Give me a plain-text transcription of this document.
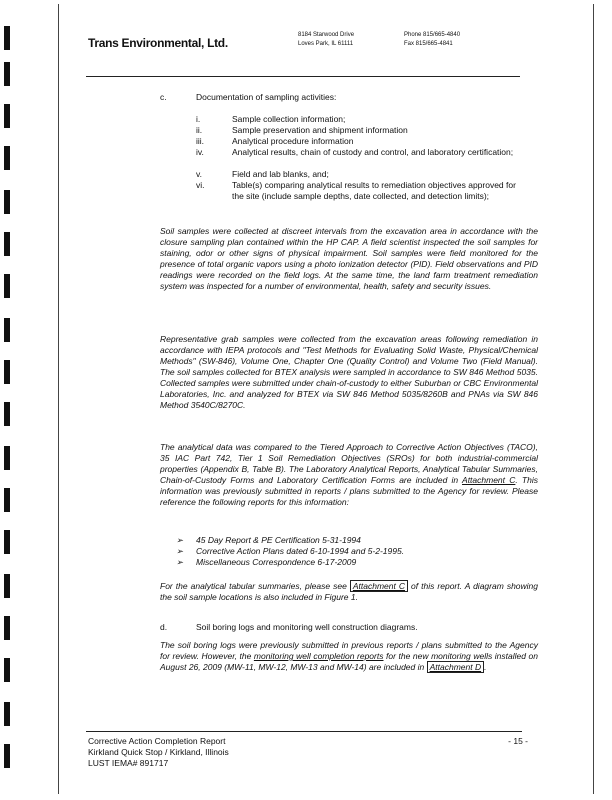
Trans Environmental, Ltd.
8184 Starwood Drive
Loves Park, IL 61111
Phone 815/665-4840
Fax 815/665-4841
c.	Documentation of sampling activities:
i.	Sample collection information;
ii.	Sample preservation and shipment information
iii.	Analytical procedure information
iv.	Analytical results, chain of custody and control, and laboratory certification;
v.	Field and lab blanks, and;
vi.	Table(s) comparing analytical results to remediation objectives approved for the site (include sample depths, date collected, and detection limits);
Soil samples were collected at discreet intervals from the excavation area in accordance with the closure sampling plan contained within the HP CAP. A field scientist inspected the soil samples for staining, odor or other signs of physical impairment. Soil samples were field monitored for the presence of total organic vapors using a photo ionization detector (PID). Field observations and PID readings were recorded on the field logs. At the same time, the land farm treatment remediation system was inspected for a number of environmental, health, safety and security issues.
Representative grab samples were collected from the excavation areas following remediation in accordance with IEPA protocols and "Test Methods for Evaluating Solid Waste, Physical/Chemical Methods" (SW-846), Volume One, Chapter One (Quality Control) and Volume Two (Field Manual). The soil samples collected for BTEX analysis were sampled in accordance to SW 846 Method 5035. Collected samples were submitted under chain-of-custody to either Suburban or CBC Environmental Laboratories, Inc. and analyzed for BTEX via SW 846 Method 5035/8260B and PNAs via SW 846 Method 3540C/8270C.
The analytical data was compared to the Tiered Approach to Corrective Action Objectives (TACO), 35 IAC Part 742, Tier 1 Soil Remediation Objectives (SROs) for both industrial-commercial properties (Appendix B, Table B). The Laboratory Analytical Reports, Analytical Tabular Summaries, Chain-of-Custody Forms and Laboratory Certification Forms are included in Attachment C. This information was previously submitted in reports / plans submitted to the Agency for review. Please reference the following reports for this information:
➢ 45 Day Report & PE Certification 5-31-1994
➢ Corrective Action Plans dated 6-10-1994 and 5-2-1995.
➢ Miscellaneous Correspondence 6-17-2009
For the analytical tabular summaries, please see Attachment C of this report. A diagram showing the soil sample locations is also included in Figure 1.
d.	Soil boring logs and monitoring well construction diagrams.
The soil boring logs were previously submitted in previous reports / plans submitted to the Agency for review. However, the monitoring well completion reports for the new monitoring wells installed on August 26, 2009 (MW-11, MW-12, MW-13 and MW-14) are included in Attachment D .
Corrective Action Completion Report
Kirkland Quick Stop / Kirkland, Illinois
LUST IEMA# 891717
- 15 -
